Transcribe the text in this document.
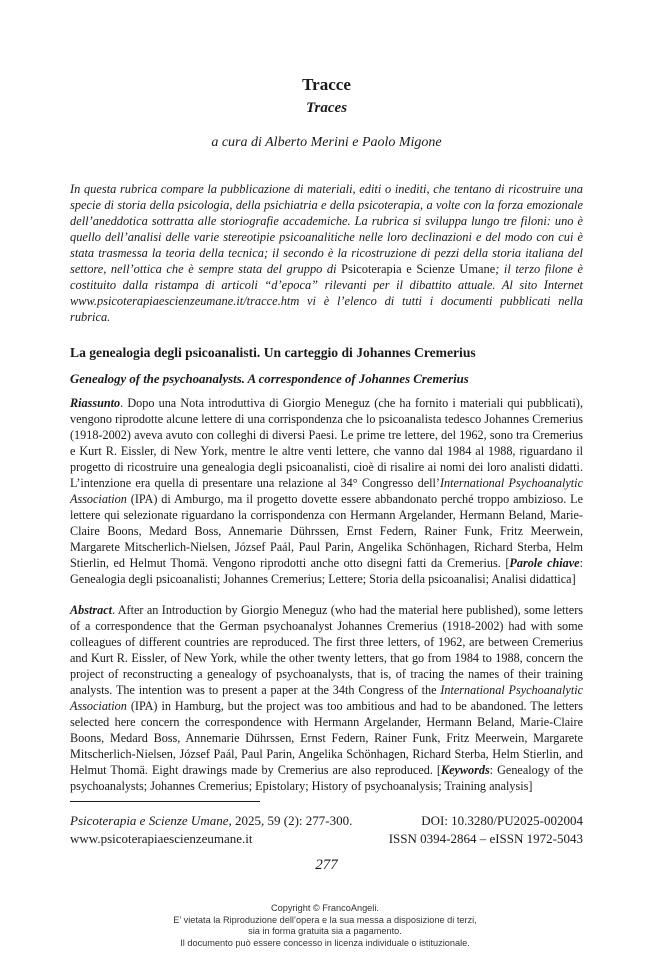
Tracce
Traces

a cura di Alberto Merini e Paolo Migone

In questa rubrica compare la pubblicazione di materiali, editi o inediti, che tentano di ricostruire una specie di storia della psicologia, della psichiatria e della psicoterapia, a volte con la forza emozionale dell’aneddotica sottratta alle storiografie accademiche. La rubrica si sviluppa lungo tre filoni: uno è quello dell’analisi delle varie stereotipie psicoanalitiche nelle loro declinazioni e del modo con cui è stata trasmessa la teoria della tecnica; il secondo è la ricostruzione di pezzi della storia italiana del settore, nell’ottica che è sempre stata del gruppo di Psicoterapia e Scienze Umane; il terzo filone è costituito dalla ristampa di articoli “d’epoca” rilevanti per il dibattito attuale. Al sito Internet www.psicoterapiaescienzeumane.it/tracce.htm vi è l’elenco di tutti i documenti pubblicati nella rubrica.

La genealogia degli psicoanalisti. Un carteggio di Johannes Cremerius
Genealogy of the psychoanalysts. A correspondence of Johannes Cremerius

Riassunto. Dopo una Nota introduttiva di Giorgio Meneguz (che ha fornito i materiali qui pubblicati), vengono riprodotte alcune lettere di una corrispondenza che lo psicoanalista tedesco Johannes Cremerius (1918-2002) aveva avuto con colleghi di diversi Paesi. Le prime tre lettere, del 1962, sono tra Cremerius e Kurt R. Eissler, di New York, mentre le altre venti lettere, che vanno dal 1984 al 1988, riguardano il progetto di ricostruire una genealogia degli psicoanalisti, cioè di risalire ai nomi dei loro analisti didatti. L’intenzione era quella di presentare una relazione al 34° Congresso dell’International Psychoanalytic Association (IPA) di Amburgo, ma il progetto dovette essere abbandonato perché troppo ambizioso. Le lettere qui selezionate riguardano la corrispondenza con Hermann Argelander, Hermann Beland, Marie-Claire Boons, Medard Boss, Annemarie Dührssen, Ernst Federn, Rainer Funk, Fritz Meerwein, Margarete Mitscherlich-Nielsen, József Paál, Paul Parin, Angelika Schönhagen, Richard Sterba, Helm Stierlin, ed Helmut Thomä. Vengono riprodotti anche otto disegni fatti da Cremerius. [Parole chiave: Genealogia degli psicoanalisti; Johannes Cremerius; Lettere; Storia della psicoanalisi; Analisi didattica]

Abstract. After an Introduction by Giorgio Meneguz (who had the material here published), some letters of a correspondence that the German psychoanalyst Johannes Cremerius (1918-2002) had with some colleagues of different countries are reproduced. The first three letters, of 1962, are between Cremerius and Kurt R. Eissler, of New York, while the other twenty letters, that go from 1984 to 1988, concern the project of reconstructing a genealogy of psychoanalysts, that is, of tracing the names of their training analysts. The intention was to present a paper at the 34th Congress of the International Psychoanalytic Association (IPA) in Hamburg, but the project was too ambitious and had to be abandoned. The letters selected here concern the correspondence with Hermann Argelander, Hermann Beland, Marie-Claire Boons, Medard Boss, Annemarie Dührssen, Ernst Federn, Rainer Funk, Fritz Meerwein, Margarete Mitscherlich-Nielsen, József Paál, Paul Parin, Angelika Schönhagen, Richard Sterba, Helm Stierlin, and Helmut Thomä. Eight drawings made by Cremerius are also reproduced. [Keywords: Genealogy of the psychoanalysts; Johannes Cremerius; Epistolary; History of psychoanalysis; Training analysis]

Psicoterapia e Scienze Umane, 2025, 59 (2): 277-300.	DOI: 10.3280/PU2025-002004
www.psicoterapiaescienzeumane.it	ISSN 0394-2864 – eISSN 1972-5043

277

Copyright © FrancoAngeli.
E’ vietata la Riproduzione dell’opera e la sua messa a disposizione di terzi,
sia in forma gratuita sia a pagamento.
Il documento può essere concesso in licenza individuale o istituzionale.
